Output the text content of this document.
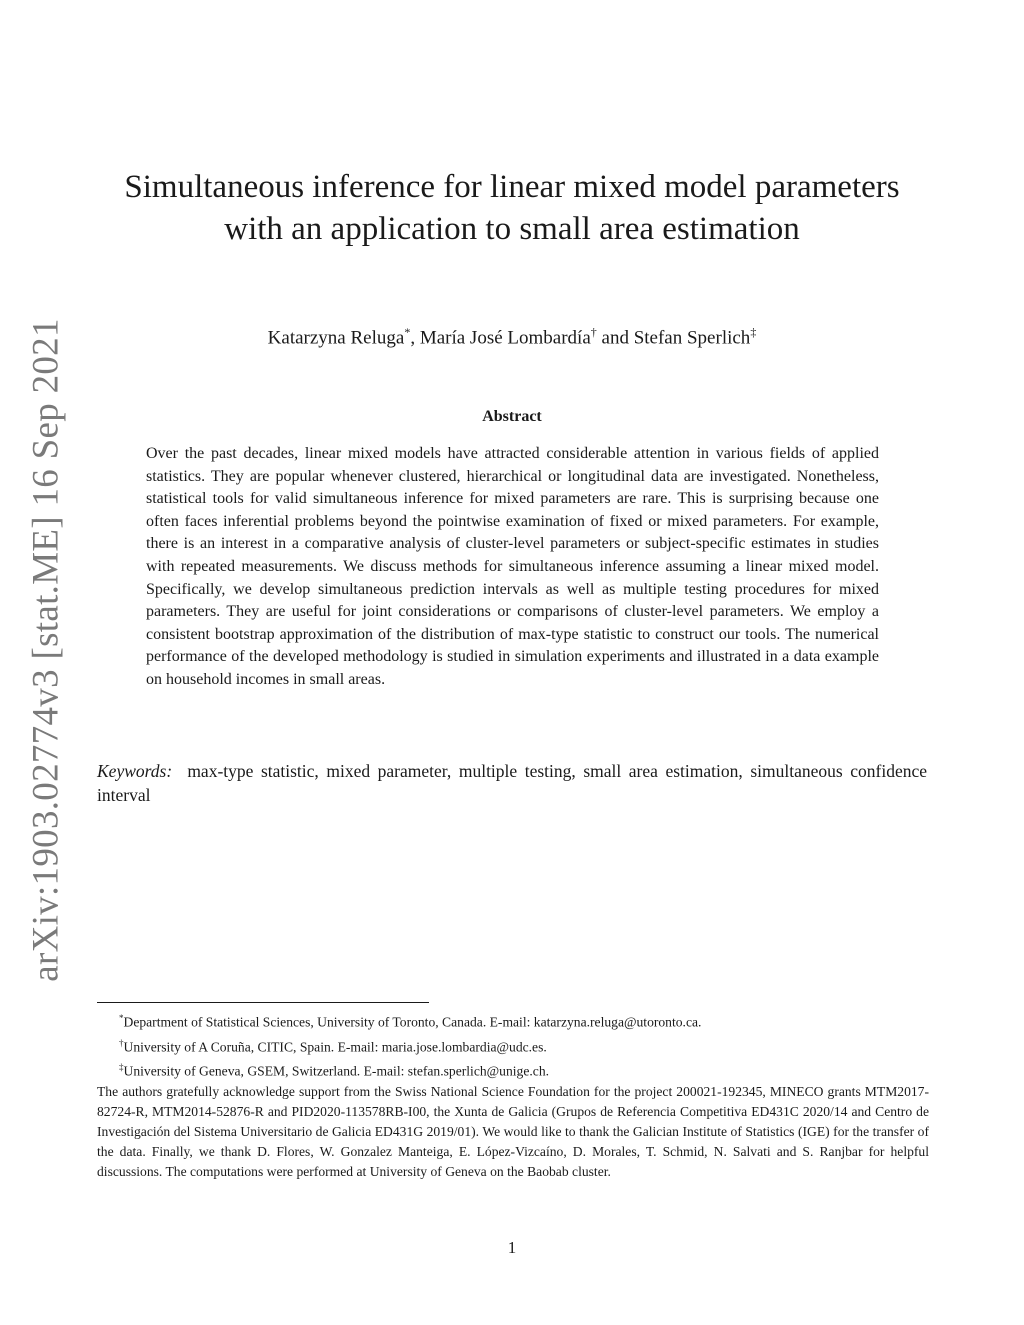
arXiv:1903.02774v3 [stat.ME] 16 Sep 2021
Simultaneous inference for linear mixed model parameters with an application to small area estimation
Katarzyna Reluga*, María José Lombardía† and Stefan Sperlich‡
Abstract
Over the past decades, linear mixed models have attracted considerable attention in various fields of applied statistics. They are popular whenever clustered, hierarchical or longitudinal data are investigated. Nonetheless, statistical tools for valid simultaneous inference for mixed parameters are rare. This is surprising because one often faces inferential problems beyond the pointwise examination of fixed or mixed parameters. For example, there is an interest in a comparative analysis of cluster-level parameters or subject-specific estimates in studies with repeated measurements. We discuss methods for simultaneous inference assuming a linear mixed model. Specifically, we develop simultaneous prediction intervals as well as multiple testing procedures for mixed parameters. They are useful for joint considerations or comparisons of cluster-level parameters. We employ a consistent bootstrap approximation of the distribution of max-type statistic to construct our tools. The numerical performance of the developed methodology is studied in simulation experiments and illustrated in a data example on household incomes in small areas.
Keywords: max-type statistic, mixed parameter, multiple testing, small area estimation, simultaneous confidence interval
*Department of Statistical Sciences, University of Toronto, Canada. E-mail: katarzyna.reluga@utoronto.ca.
†University of A Coruña, CITIC, Spain. E-mail: maria.jose.lombardia@udc.es.
‡University of Geneva, GSEM, Switzerland. E-mail: stefan.sperlich@unige.ch.
The authors gratefully acknowledge support from the Swiss National Science Foundation for the project 200021-192345, MINECO grants MTM2017-82724-R, MTM2014-52876-R and PID2020-113578RB-I00, the Xunta de Galicia (Grupos de Referencia Competitiva ED431C 2020/14 and Centro de Investigación del Sistema Universitario de Galicia ED431G 2019/01). We would like to thank the Galician Institute of Statistics (IGE) for the transfer of the data. Finally, we thank D. Flores, W. Gonzalez Manteiga, E. López-Vizcaíno, D. Morales, T. Schmid, N. Salvati and S. Ranjbar for helpful discussions. The computations were performed at University of Geneva on the Baobab cluster.
1
